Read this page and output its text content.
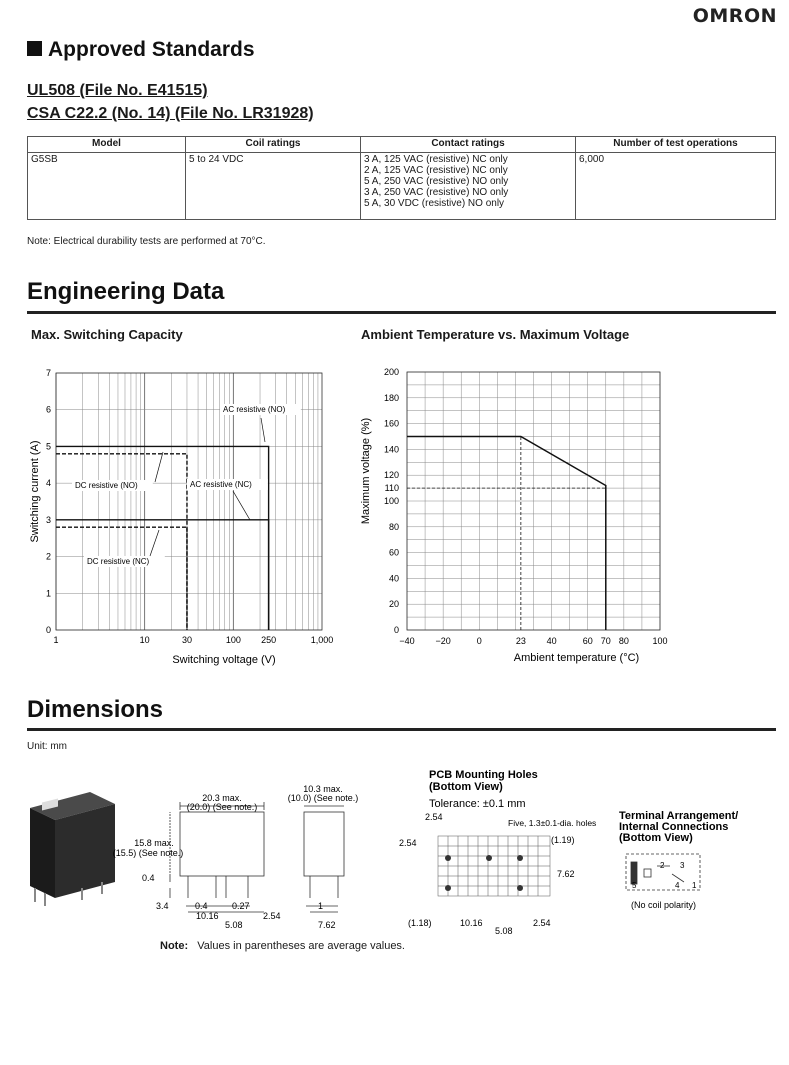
OMRON
Approved Standards
UL508 (File No. E41515)
CSA C22.2 (No. 14) (File No. LR31928)
Model	Coil ratings	Contact ratings	Number of test operations
G5SB	5 to 24 VDC	3 A, 125 VAC (resistive) NC only
2 A, 125 VAC (resistive) NC only
5 A, 250 VAC (resistive) NO only
3 A, 250 VAC (resistive) NO only
5 A, 30 VDC (resistive) NO only	6,000
Note: Electrical durability tests are performed at 70°C.
Engineering Data
Max. Switching Capacity	Ambient Temperature vs. Maximum Voltage
0
1
2
3
4
5
6
7
1	10	30	100 250	1,000
AC resistive (NO)
DC resistive (NO)	AC resistive (NC)
DC resistive (NC)
Switching voltage (V)
Switching current (A)
0
20
40
60
80
100
110
120
140
160
180
200
−40 −20	0	23 40	60 70 80	100
Ambient temperature (°C)
Maximum voltage (%)
Dimensions
Unit: mm
20.3 max.
(20.0) (See note.)
15.8 max.
(15.5) (See note.)
0.4
3.4	0.4	0.27
10.16	2.54
5.08
10.3 max.
(10.0) (See note.)
1
7.62
PCB Mounting Holes
(Bottom View)
Tolerance: ±0.1 mm
Five, 1.3±0.1-dia. holes
2.54
2.54	(1.19)
7.62
(1.18)	10.16
5.08
2.54
Terminal Arrangement/
Internal Connections
(Bottom View)
2 3
5	4 1
(No coil polarity)
Note: Values in parentheses are average values.
